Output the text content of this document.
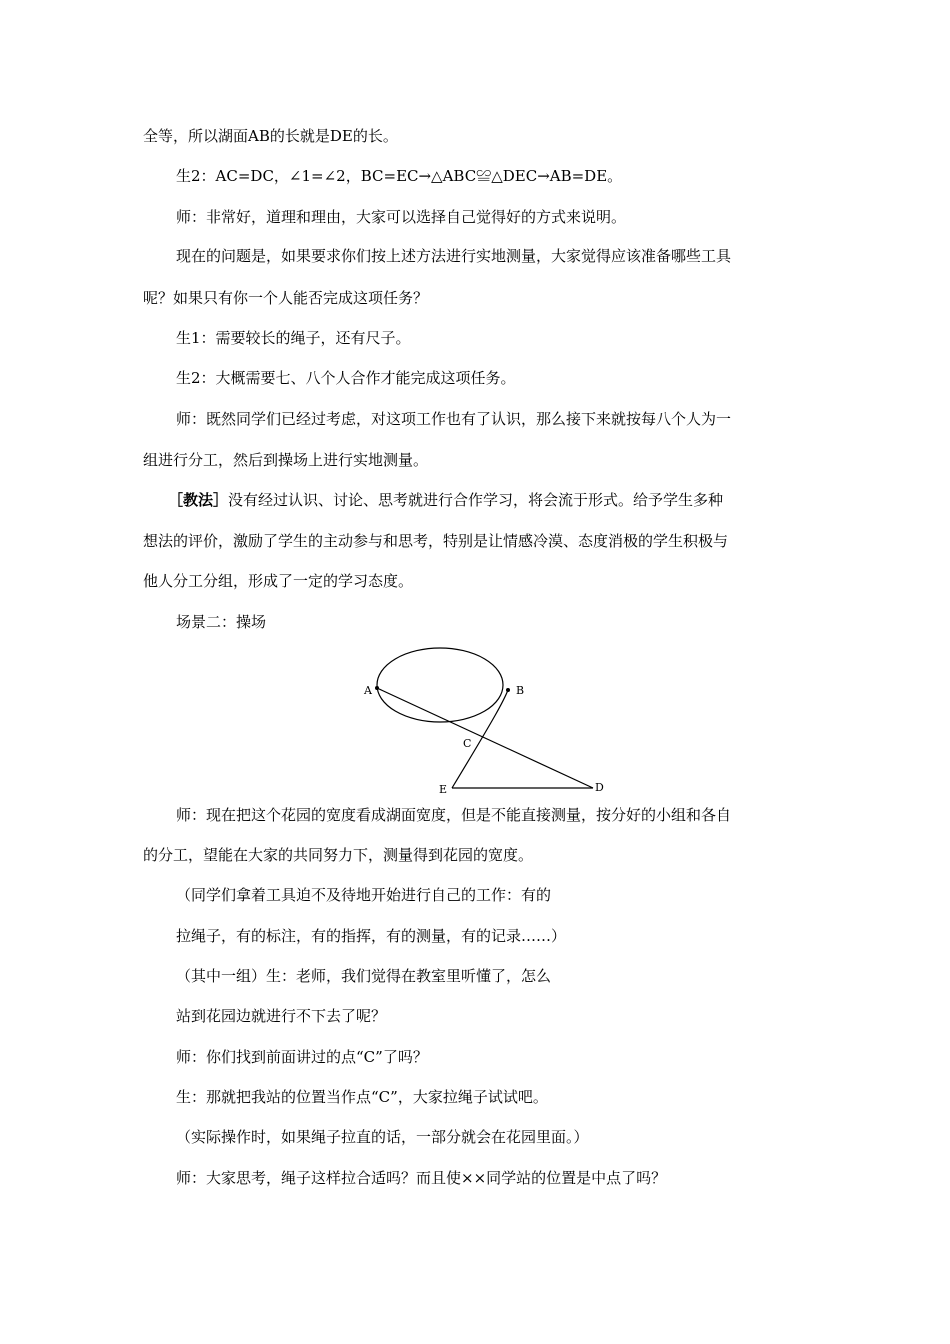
全等，所以湖面AB的长就是DE的长。
生2：AC=DC，∠1=∠2，BC=EC→△ABC≌△DEC→AB=DE。
师：非常好，道理和理由，大家可以选择自己觉得好的方式来说明。
现在的问题是，如果要求你们按上述方法进行实地测量，大家觉得应该准备哪些工具
呢？如果只有你一个人能否完成这项任务？
生1：需要较长的绳子，还有尺子。
生2：大概需要七、八个人合作才能完成这项任务。
师：既然同学们已经过考虑，对这项工作也有了认识，那么接下来就按每八个人为一
组进行分工，然后到操场上进行实地测量。
［教法］没有经过认识、讨论、思考就进行合作学习，将会流于形式。给予学生多种
想法的评价，激励了学生的主动参与和思考，特别是让情感冷漠、态度消极的学生积极与
他人分工分组，形成了一定的学习态度。
场景二：操场
A	B
C
D
E
师：现在把这个花园的宽度看成湖面宽度，但是不能直接测量，按分好的小组和各自
的分工，望能在大家的共同努力下，测量得到花园的宽度。
（同学们拿着工具迫不及待地开始进行自己的工作：有的
拉绳子，有的标注，有的指挥，有的测量，有的记录……）
（其中一组）生：老师，我们觉得在教室里听懂了，怎么
站到花园边就进行不下去了呢？
师：你们找到前面讲过的点“C”了吗？
生：那就把我站的位置当作点“C”，大家拉绳子试试吧。
（实际操作时，如果绳子拉直的话，一部分就会在花园里面。）
师：大家思考，绳子这样拉合适吗？而且使××同学站的位置是中点了吗？
